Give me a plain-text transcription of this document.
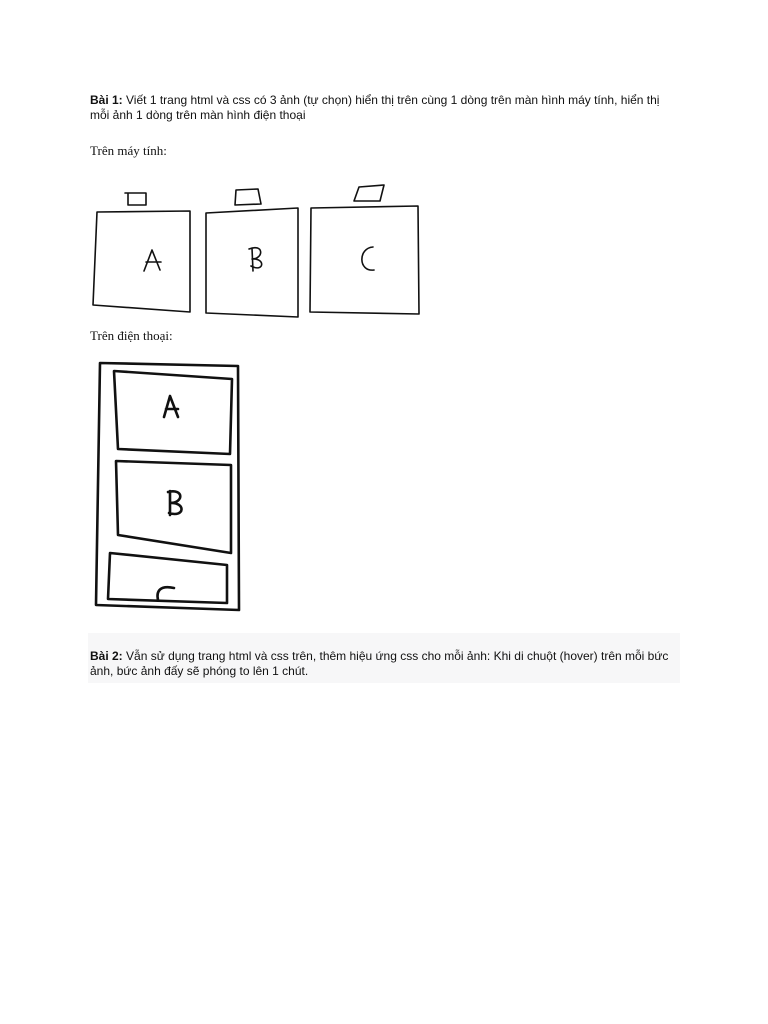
Bài 1: Viết 1 trang html và css có 3 ảnh (tự chọn) hiển thị trên cùng 1 dòng trên màn hình máy tính, hiển thị mỗi ảnh 1 dòng trên màn hình điện thoại
Trên máy tính:
Trên điện thoại:
Bài 2: Vẫn sử dụng trang html và css trên, thêm hiệu ứng css cho mỗi ảnh: Khi di chuột (hover) trên mỗi bức ảnh, bức ảnh đấy sẽ phóng to lên 1 chút.
